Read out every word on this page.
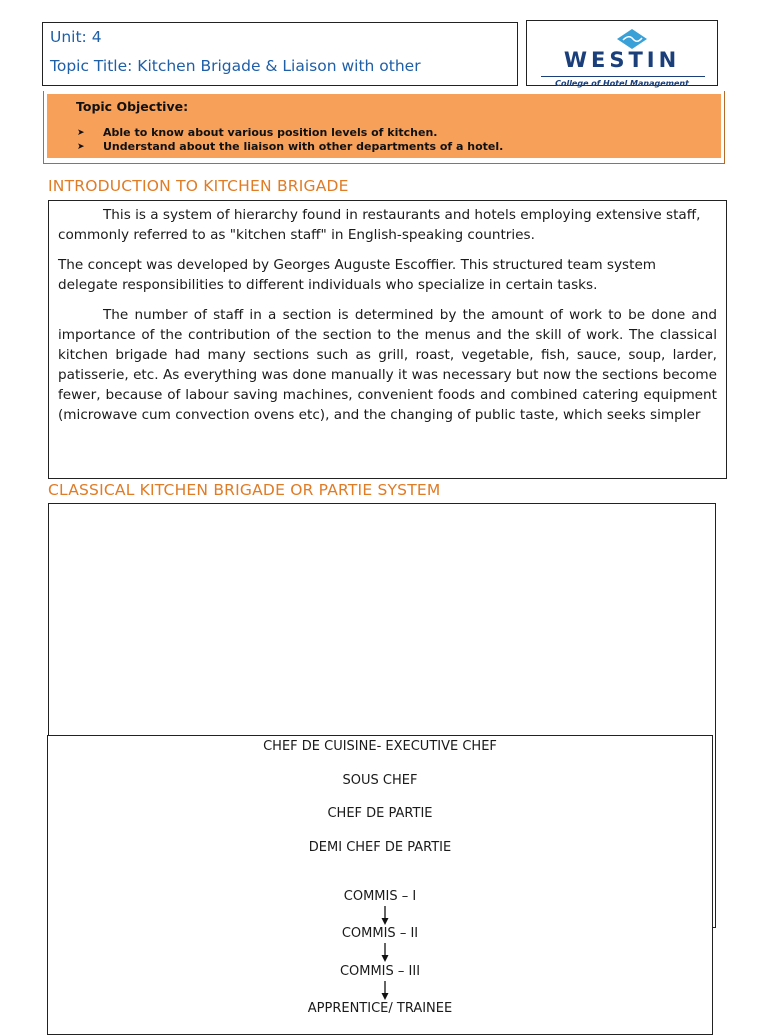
Unit: 4
Topic Title: Kitchen Brigade & Liaison with other	WESTIN
College of Hotel Management
Topic Objective:
➤ Able to know about various position levels of kitchen.
➤ Understand about the liaison with other departments of a hotel.
INTRODUCTION TO KITCHEN BRIGADE

This is a system of hierarchy found in restaurants and hotels employing extensive staff, commonly referred to as "kitchen staff" in English-speaking countries.

The concept was developed by Georges Auguste Escoffier. This structured team system delegate responsibilities to different individuals who specialize in certain tasks.

The number of staff in a section is determined by the amount of work to be done and importance of the contribution of the section to the menus and the skill of work. The classical kitchen brigade had many sections such as grill, roast, vegetable, fish, sauce, soup, larder, patisserie, etc. As everything was done manually it was necessary but now the sections become fewer, because of labour saving machines, convenient foods and combined catering equipment (microwave cum convection ovens etc), and the changing of public taste, which seeks simpler

CLASSICAL KITCHEN BRIGADE OR PARTIE SYSTEM
CHEF DE CUISINE- EXECUTIVE CHEF
SOUS CHEF
CHEF DE PARTIE
DEMI CHEF DE PARTIE
COMMIS – I
COMMIS – II
COMMIS – III
APPRENTICE/ TRAINEE
